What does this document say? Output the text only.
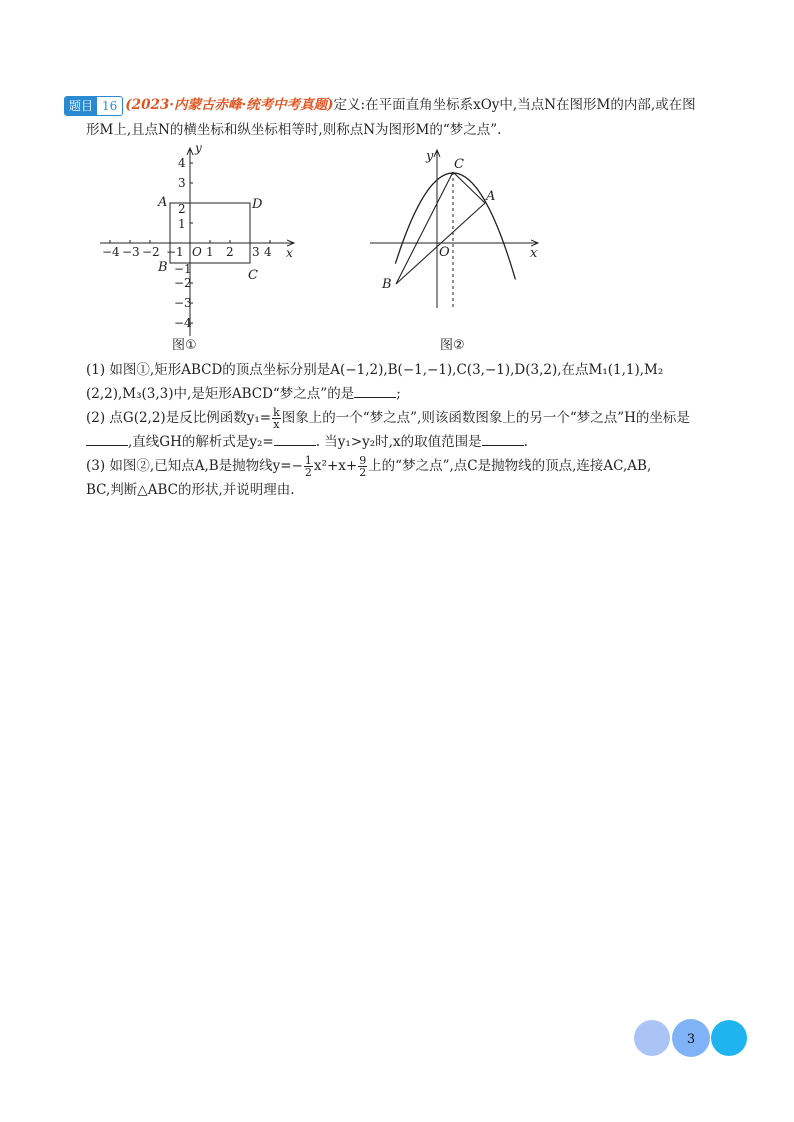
题目 16 (2023·内蒙古赤峰·统考中考真题)定义:在平面直角坐标系xOy中,当点N在图形M的内部,或在图
形M上,且点N的横坐标和纵坐标相等时,则称点N为图形M的“梦之点”.
−4 −3 −2 −1 1 2 3 4
4
3
2
1
−1
−2
−3
−4
O	x
y
A
B
C
D
图①
C
A
B
O	x
y
图②

(1) 如图①,矩形ABCD的顶点坐标分别是A(−1,2),B(−1,−1),C(3,−1),D(3,2),在点M₁(1,1),M₂
(2,2),M₃(3,3)中,是矩形ABCD“梦之点”的是	;

(2) 点G(2,2)是反比例函数$y_1= \frac{k}{x}$ 图象上的一个“梦之点”,则该函数图象上的另一个“梦之点”H的坐标是
,直线GH的解析式是y₂=	. 当y₁>y₂时,x的取值范围是	.

(3) 如图②,已知点A,B是抛物线$y=- \frac{1}{2} x^2+x+ \frac{9}{2}$ 上的“梦之点”,点C是抛物线的顶点,连接AC,AB,
BC,判断△ABC的形状,并说明理由.

3
